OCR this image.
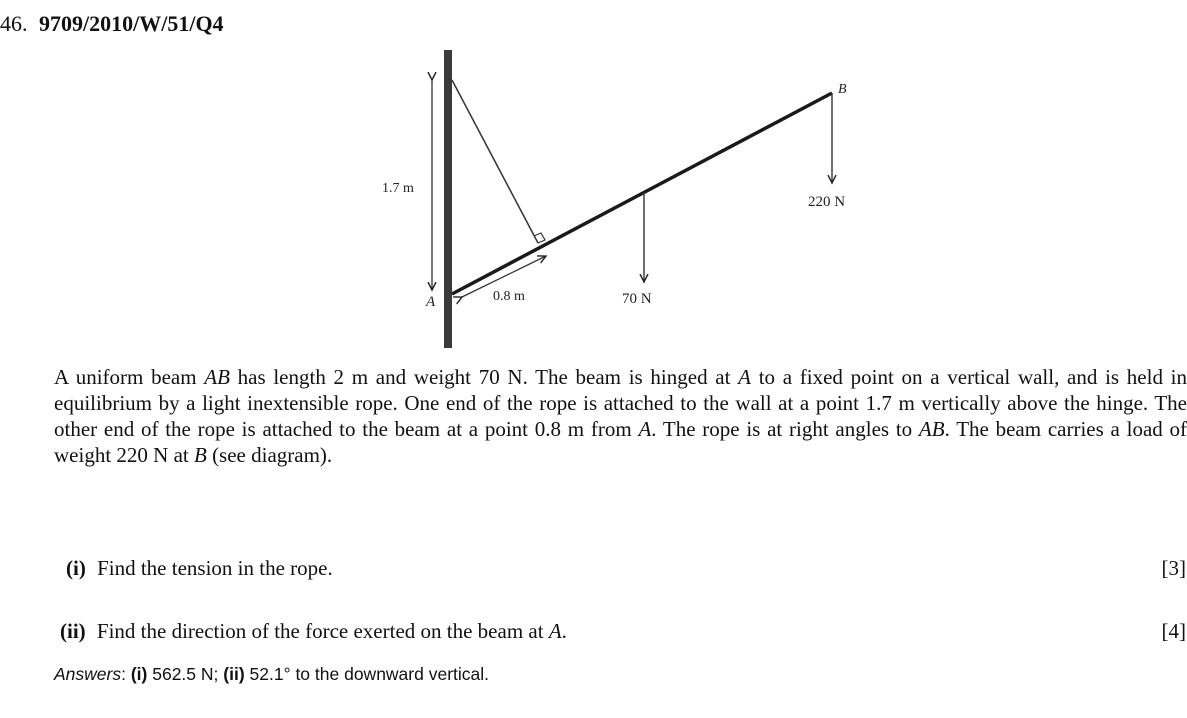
46. 9709/2010/W/51/Q4
B
A
1.7 m
0.8 m	70 N
220 N

A uniform beam AB has length 2 m and weight 70 N. The beam is hinged at A to a fixed point on a vertical wall, and is held in equilibrium by a light inextensible rope. One end of the rope is attached to the wall at a point 1.7 m vertically above the hinge. The other end of the rope is attached to the beam at a point 0.8 m from A. The rope is at right angles to AB. The beam carries a load of weight 220 N at B (see diagram).

(i) Find the tension in the rope.	[3]
(ii) Find the direction of the force exerted on the beam at A.	[4]
Answers: (i) 562.5 N; (ii) 52.1° to the downward vertical.
